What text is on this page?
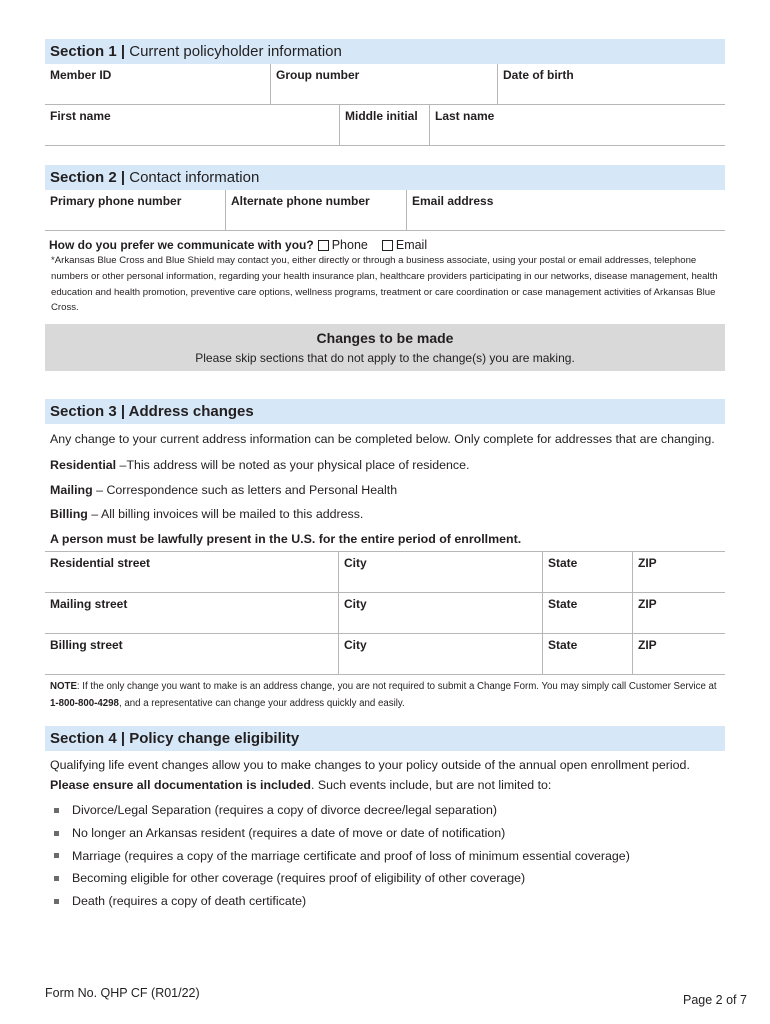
Section 1 | Current policyholder information
Member ID	Group number	Date of birth
First name	Middle initial	Last name
Section 2 | Contact information
Primary phone number	Alternate phone number	Email address
How do you prefer we communicate with you? Phone Email
*Arkansas Blue Cross and Blue Shield may contact you, either directly or through a business associate, using your postal or email addresses, telephone numbers or other personal information, regarding your health insurance plan, healthcare providers participating in our networks, disease management, health education and health promotion, preventive care options, wellness programs, treatment or care coordination or case management activities of Arkansas Blue Cross.
Changes to be made
Please skip sections that do not apply to the change(s) you are making.
Section 3 | Address changes
Any change to your current address information can be completed below. Only complete for addresses that are changing.
Residential –This address will be noted as your physical place of residence.
Mailing – Correspondence such as letters and Personal Health
Billing – All billing invoices will be mailed to this address.
A person must be lawfully present in the U.S. for the entire period of enrollment.
Residential street	City	State	ZIP
Mailing street	City	State	ZIP
Billing street	City	State	ZIP
NOTE: If the only change you want to make is an address change, you are not required to submit a Change Form. You may simply call Customer Service at 1-800-800-4298, and a representative can change your address quickly and easily.
Section 4 | Policy change eligibility
Qualifying life event changes allow you to make changes to your policy outside of the annual open enrollment period. Please ensure all documentation is included. Such events include, but are not limited to:
Divorce/Legal Separation (requires a copy of divorce decree/legal separation)
No longer an Arkansas resident (requires a date of move or date of notification)
Marriage (requires a copy of the marriage certificate and proof of loss of minimum essential coverage)
Becoming eligible for other coverage (requires proof of eligibility of other coverage)
Death (requires a copy of death certificate)
Form No. QHP CF (R01/22)	Page 2 of 7
